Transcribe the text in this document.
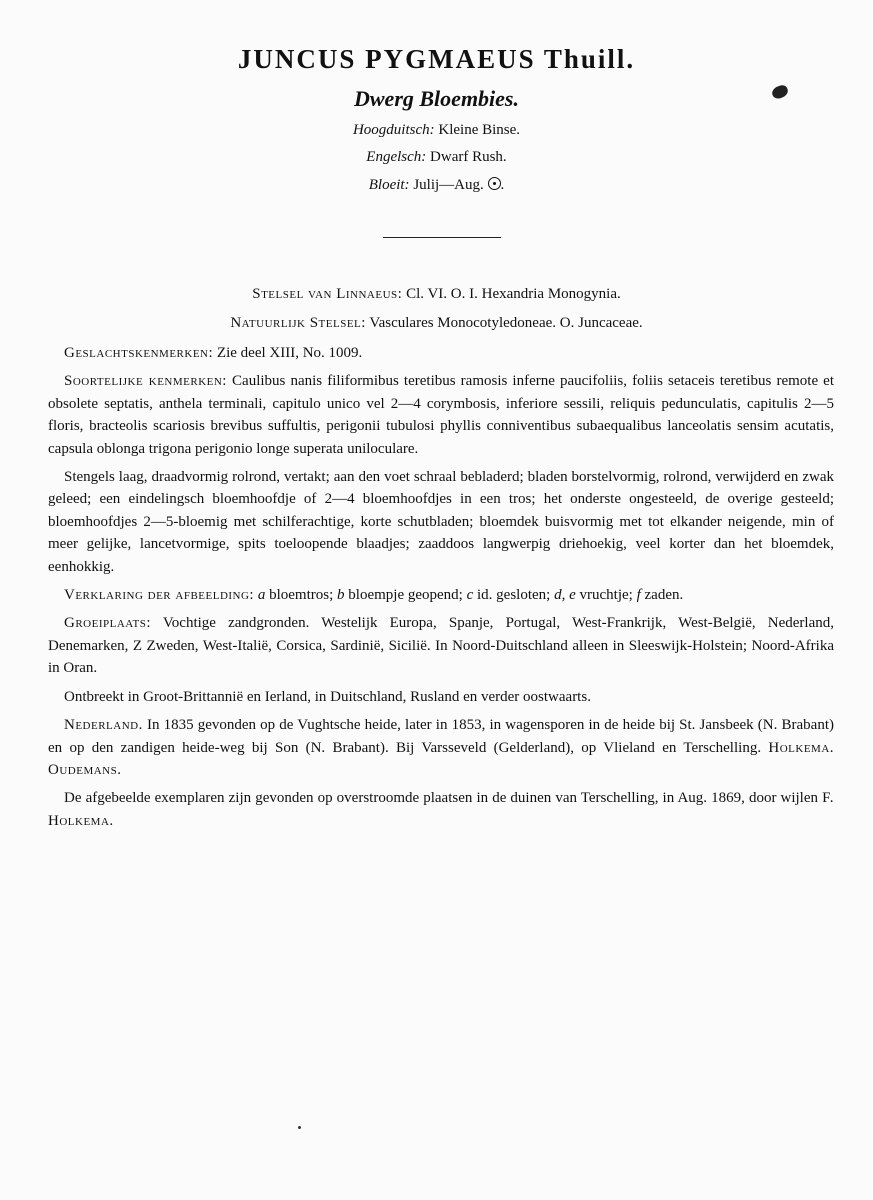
JUNCUS PYGMAEUS Thuill.
Dwerg Bloembies.
Hoogduitsch: Kleine Binse.
Engelsch: Dwarf Rush.
Bloeit: Julij—Aug. .
Stelsel van Linnaeus: Cl. VI. O. I. Hexandria Monogynia.
Natuurlijk Stelsel: Vasculares Monocotyledoneae. O. Juncaceae.

Geslachtskenmerken: Zie deel XIII, No. 1009.

Soortelijke kenmerken: Caulibus nanis filiformibus teretibus ramosis inferne paucifoliis, foliis setaceis teretibus remote et obsolete septatis, anthela terminali, capitulo unico vel 2—4 corymbosis, inferiore sessili, reliquis pedunculatis, capitulis 2—5 floris, bracteolis scariosis brevibus suffultis, perigonii tubulosi phyllis conniventibus subaequalibus lanceolatis sensim acutatis, capsula oblonga trigona perigonio longe superata uniloculare.

Stengels laag, draadvormig rolrond, vertakt; aan den voet schraal bebladerd; bladen borstelvormig, rolrond, verwijderd en zwak geleed; een eindelingsch bloemhoofdje of 2—4 bloemhoofdjes in een tros; het onderste ongesteeld, de overige gesteeld; bloemhoofdjes 2—5-bloemig met schilferachtige, korte schutbladen; bloemdek buisvormig met tot elkander neigende, min of meer gelijke, lancetvormige, spits toeloopende blaadjes; zaaddoos langwerpig driehoekig, veel korter dan het bloemdek, eenhokkig.

Verklaring der afbeelding: a bloemtros; b bloempje geopend; c id. gesloten; d, e vruchtje; f zaden.

Groeiplaats: Vochtige zandgronden. Westelijk Europa, Spanje, Portugal, West-Frankrijk, West-België, Nederland, Denemarken, Z Zweden, West-Italië, Corsica, Sardinië, Sicilië. In Noord-Duitschland alleen in Sleeswijk-Holstein; Noord-Afrika in Oran.

Ontbreekt in Groot-Brittannië en Ierland, in Duitschland, Rusland en verder oostwaarts.

Nederland. In 1835 gevonden op de Vughtsche heide, later in 1853, in wagensporen in de heide bij St. Jansbeek (N. Brabant) en op den zandigen heide-weg bij Son (N. Brabant). Bij Varsseveld (Gelderland), op Vlieland en Terschelling. Holkema. Oudemans.

De afgebeelde exemplaren zijn gevonden op overstroomde plaatsen in de duinen van Terschelling, in Aug. 1869, door wijlen F. Holkema.
